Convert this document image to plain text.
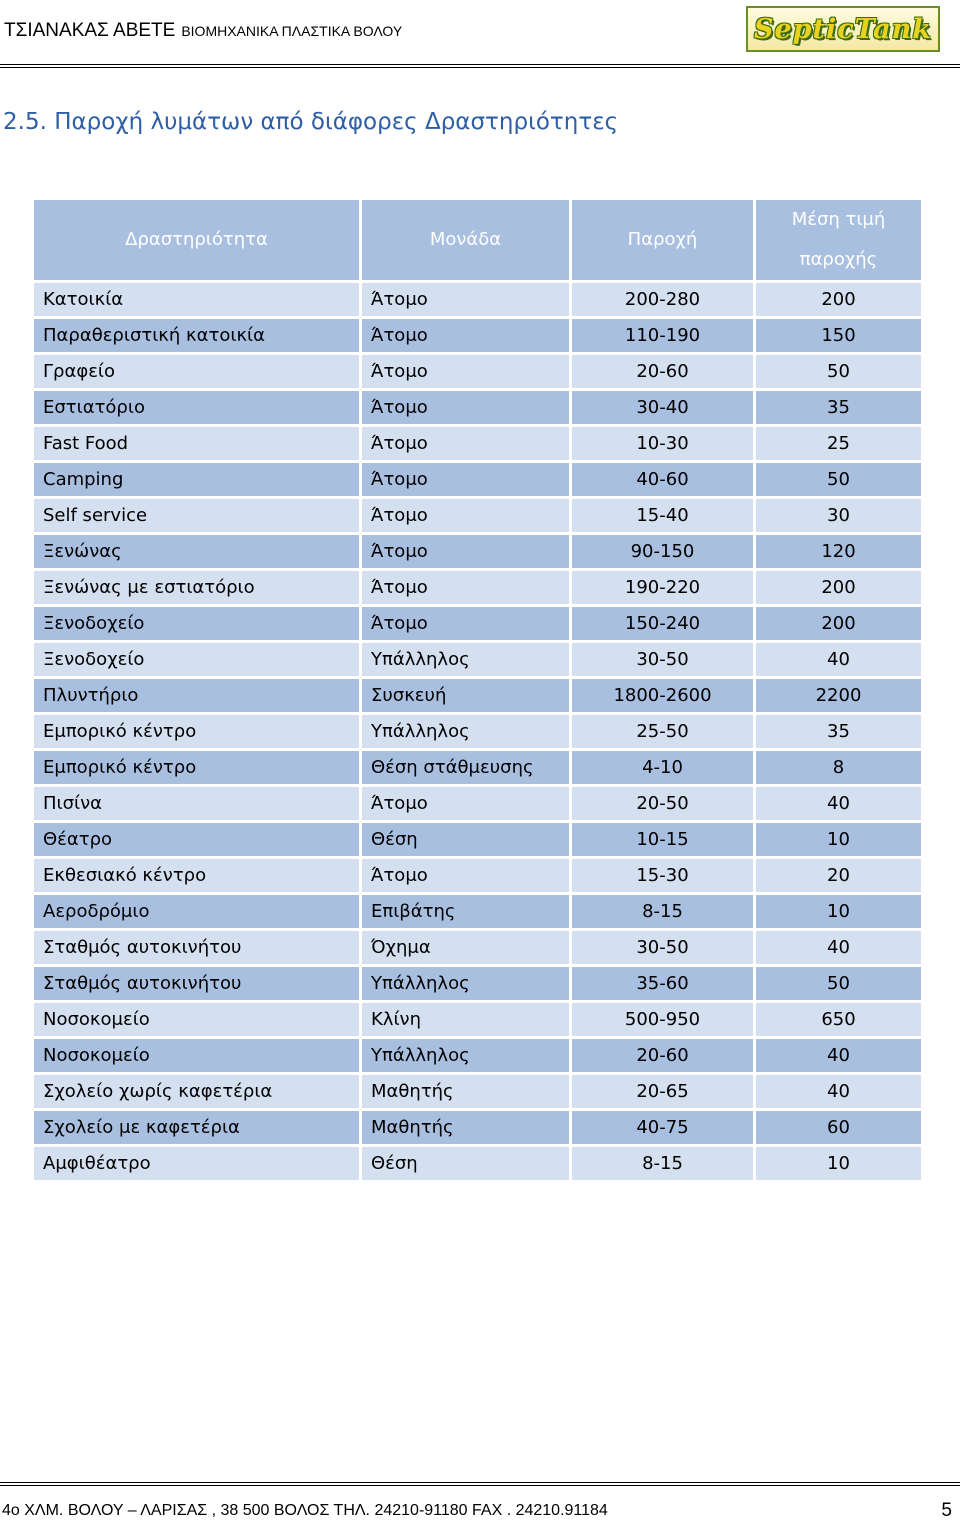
ΤΣΙΑΝΑΚΑΣ ΑΒΕΤΕ ΒΙΟΜΗΧΑΝΙΚΑ ΠΛΑΣΤΙΚΑ ΒΟΛΟΥ	SepticTank
2.5. Παροχή λυμάτων από διάφορες Δραστηριότητες
Δραστηριότητα	Μονάδα	Παροχή	Μέση τιμή παροχής
Κατοικία	Άτομο	200-280	200
Παραθεριστική κατοικία	Άτομο	110-190	150
Γραφείο	Άτομο	20-60	50
Εστιατόριο	Άτομο	30-40	35
Fast Food	Άτομο	10-30	25
Camping	Άτομο	40-60	50
Self service	Άτομο	15-40	30
Ξενώνας	Άτομο	90-150	120
Ξενώνας με εστιατόριο	Άτομο	190-220	200
Ξενοδοχείο	Άτομο	150-240	200
Ξενοδοχείο	Υπάλληλος	30-50	40
Πλυντήριο	Συσκευή	1800-2600	2200
Εμπορικό κέντρο	Υπάλληλος	25-50	35
Εμπορικό κέντρο	Θέση στάθμευσης	4-10	8
Πισίνα	Άτομο	20-50	40
Θέατρο	Θέση	10-15	10
Εκθεσιακό κέντρο	Άτομο	15-30	20
Αεροδρόμιο	Επιβάτης	8-15	10
Σταθμός αυτοκινήτου	Όχημα	30-50	40
Σταθμός αυτοκινήτου	Υπάλληλος	35-60	50
Νοσοκομείο	Κλίνη	500-950	650
Νοσοκομείο	Υπάλληλος	20-60	40
Σχολείο χωρίς καφετέρια	Μαθητής	20-65	40
Σχολείο με καφετέρια	Μαθητής	40-75	60
Αμφιθέατρο	Θέση	8-15	10
4ο ΧΛΜ. ΒΟΛΟΥ – ΛΑΡΙΣΑΣ , 38 500 ΒΟΛΟΣ ΤΗΛ. 24210-91180 FAX . 24210.91184	5
